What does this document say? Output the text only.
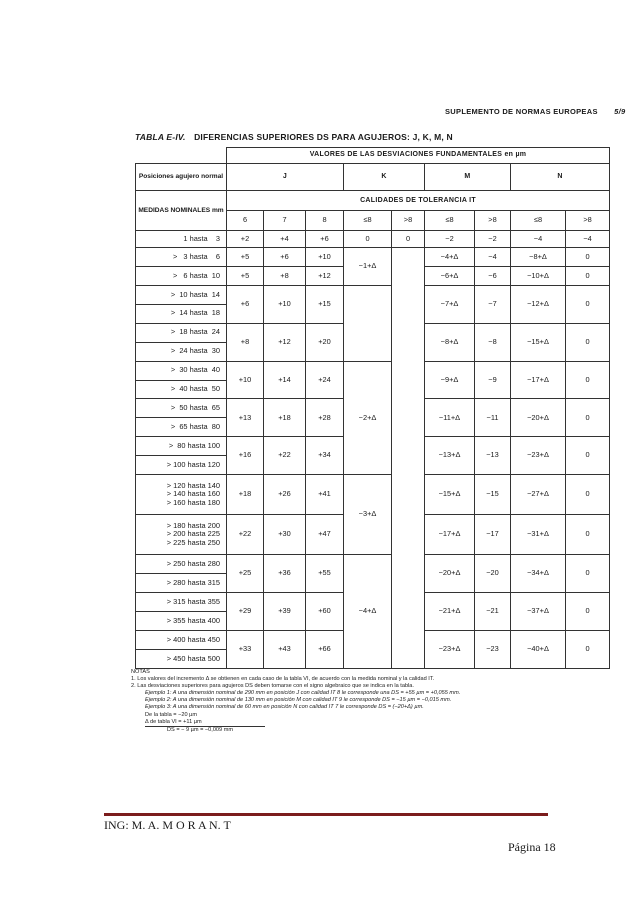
SUPLEMENTO DE NORMAS EUROPEAS 5/9
TABLA E-IV. DIFERENCIAS SUPERIORES DS PARA AGUJEROS: J, K, M, N
		VALORES DE LAS DESVIACIONES FUNDAMENTALES en µm								
Posiciones agujero normal		J			K		M		N	
MEDIDAS NOMINALES mm		CALIDADES DE TOLERANCIA IT								
		6	7	8	≤8	>8	≤8	>8	≤8	>8
1 hasta    3		+2	+4	+6	0	0	−2	−2	−4	−4
>   3 hasta    6		+5	+6	+10	−1+Δ		−4+Δ	−4	−8+Δ	0
>   6 hasta  10		+5	+8	+12			−6+Δ	−6	−10+Δ	0
>  10 hasta  14		+6	+10	+15			−7+Δ	−7	−12+Δ	0
>  14 hasta  18										
>  18 hasta  24		+8	+12	+20			−8+Δ	−8	−15+Δ	0
>  24 hasta  30										
>  30 hasta  40		+10	+14	+24	−2+Δ		−9+Δ	−9	−17+Δ	0
>  40 hasta  50										
>  50 hasta  65		+13	+18	+28			−11+Δ	−11	−20+Δ	0
>  65 hasta  80										
>  80 hasta 100		+16	+22	+34			−13+Δ	−13	−23+Δ	0
> 100 hasta 120										
> 120 hasta 140
> 140 hasta 160
> 160 hasta 180		+18	+26	+41	−3+Δ		−15+Δ	−15	−27+Δ	0
> 180 hasta 200
> 200 hasta 225
> 225 hasta 250		+22	+30	+47			−17+Δ	−17	−31+Δ	0
> 250 hasta 280		+25	+36	+55	−4+Δ		−20+Δ	−20	−34+Δ	0
> 280 hasta 315										
> 315 hasta 355		+29	+39	+60			−21+Δ	−21	−37+Δ	0
> 355 hasta 400										
> 400 hasta 450		+33	+43	+66			−23+Δ	−23	−40+Δ	0
> 450 hasta 500										
NOTAS
1. Los valores del incremento Δ se obtienen en cada caso de la tabla VI, de acuerdo con la medida nominal y la calidad IT.
2. Las desviaciones superiores para agujeros DS deben tomarse con el signo algebraico que se indica en la tabla.
Ejemplo 1: A una dimensión nominal de 290 mm en posición J con calidad IT 8 le corresponde una DS = +55 µm = +0,055 mm.
Ejemplo 2: A una dimensión nominal de 130 mm en posición M con calidad IT 9 le corresponde DS = −15 µm = −0,015 mm.
Ejemplo 3: A una dimensión nominal de 60 mm en posición N con calidad IT 7 le corresponde DS = (−20+Δ) µm.
De la tabla = −20 µm
Δ de tabla VI = +11 µm
DS = − 9 µm = −0,009 mm
ING: M. A. M O R A N. T
Página 18
